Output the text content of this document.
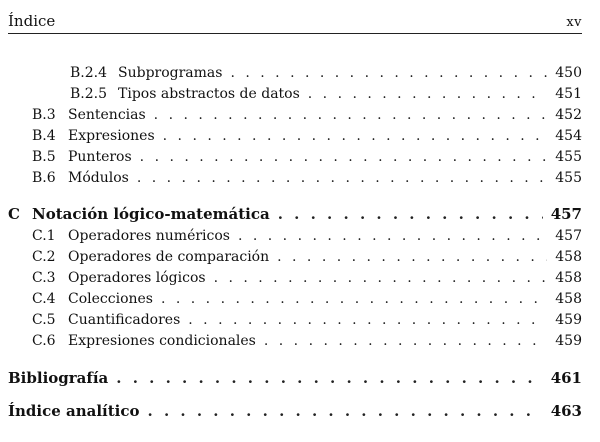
Índice	xv
B.2.4 Subprogramas . . .	450
B.2.5 Tipos abstractos de datos . . .	451
B.3 Sentencias . . .	452
B.4 Expresiones . . .	454
B.5 Punteros . . .	455
B.6 Módulos . . .	455
C Notación lógico-matemática . . .	457
C.1 Operadores numéricos . . .	457
C.2 Operadores de comparación . . .	458
C.3 Operadores lógicos . . .	458
C.4 Colecciones . . .	458
C.5 Cuantificadores . . .	459
C.6 Expresiones condicionales . . .	459
Bibliografía . . .	461
Índice analítico . . .	463
